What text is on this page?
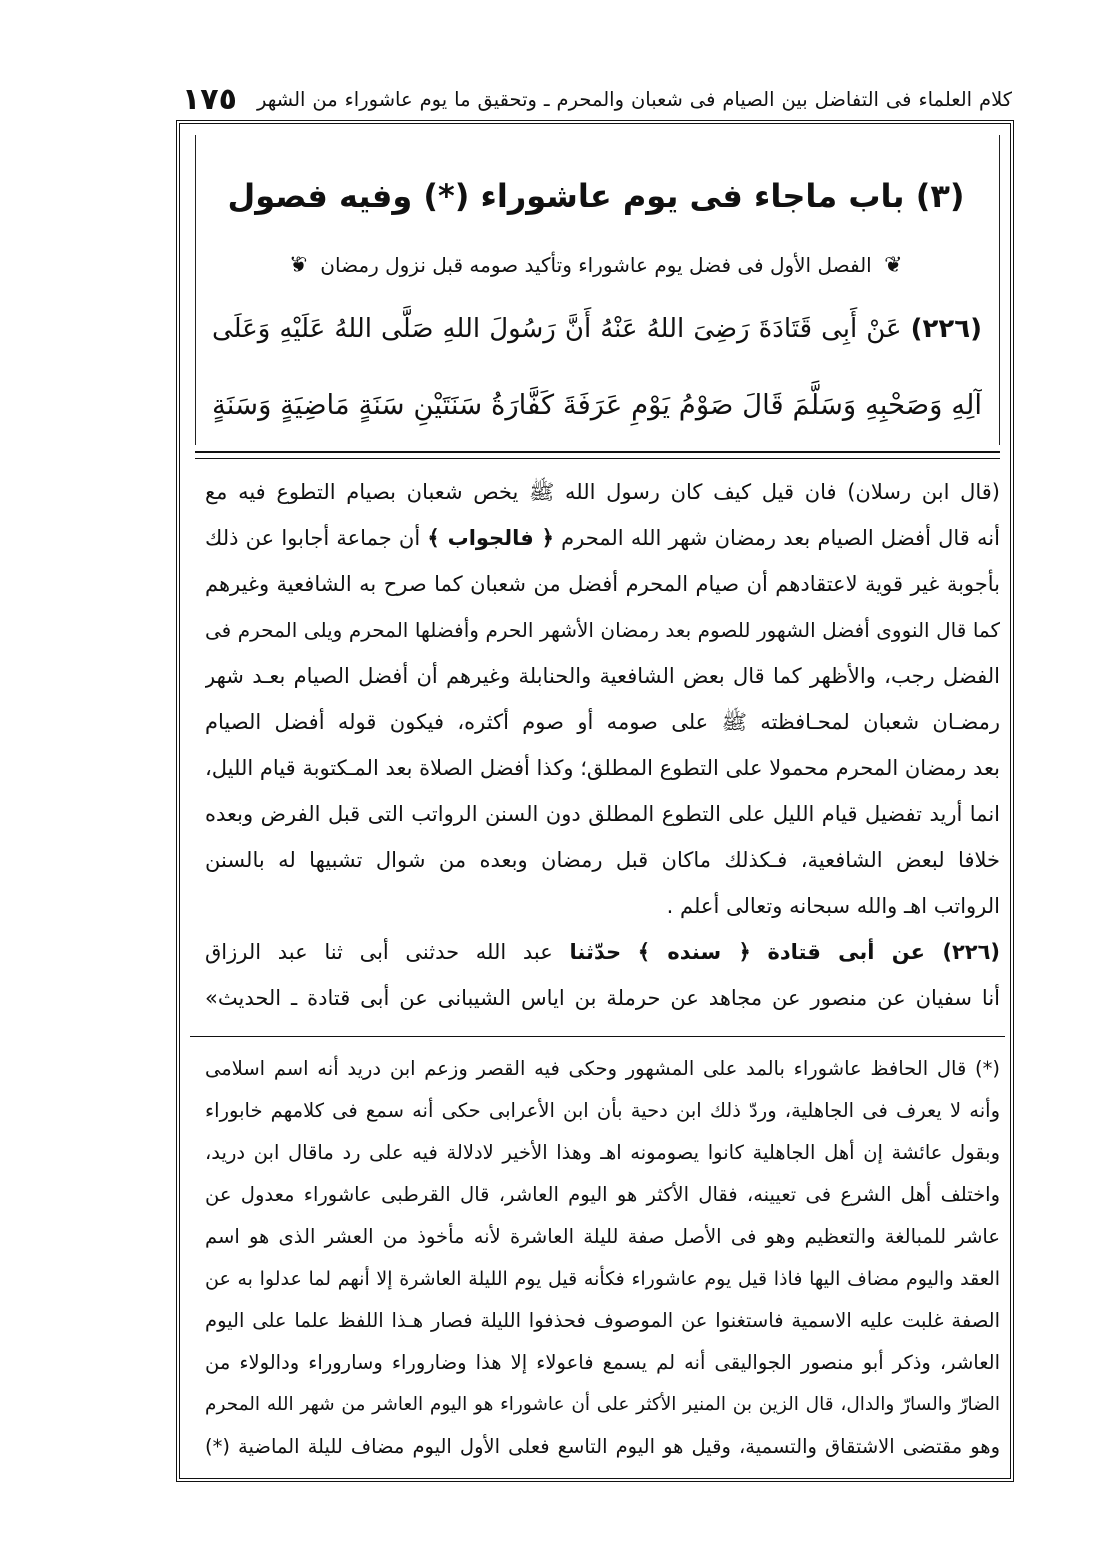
كلام العلماء فى التفاضل بين الصيام فى شعبان والمحرم ـ وتحقيق ما يوم عاشوراء من الشهر
١٧٥
(٣) باب ماجاء فى يوم عاشوراء (*) وفيه فصول
❦ الفصل الأول فى فضل يوم عاشوراء وتأكيد صومه قبل نزول رمضان ❦
(٢٢٦) عَنْ أَبِى قَتَادَةَ رَضِىَ اللهُ عَنْهُ أَنَّ رَسُولَ اللهِ صَلَّى اللهُ عَلَيْهِ وَعَلَى
آلِهِ وَصَحْبِهِ وَسَلَّمَ قَالَ صَوْمُ يَوْمِ عَرَفَةَ كَفَّارَةُ سَنَتَيْنِ سَنَةٍ مَاضِيَةٍ وَسَنَةٍ
(قال ابن رسلان) فان قيل كيف كان رسول الله ﷺ يخص شعبان بصيام التطوع فيه مع
أنه قال أفضل الصيام بعد رمضان شهر الله المحرم ﴿ فالجواب ﴾ أن جماعة أجابوا عن ذلك
بأجوبة غير قوية لاعتقادهم أن صيام المحرم أفضل من شعبان كما صرح به الشافعية وغيرهم
كما قال النووى أفضل الشهور للصوم بعد رمضان الأشهر الحرم وأفضلها المحرم ويلى المحرم فى
الفضل رجب، والأظهر كما قال بعض الشافعية والحنابلة وغيرهم أن أفضل الصيام بعـد شهر
رمضـان شعبان لمحـافظته ﷺ على صومه أو صوم أكثره، فيكون قوله أفضل الصيام
بعد رمضان المحرم محمولا على التطوع المطلق؛ وكذا أفضل الصلاة بعد المـكتوبة قيام الليل،
انما أريد تفضيل قيام الليل على التطوع المطلق دون السنن الرواتب التى قبل الفرض وبعده
خلافا لبعض الشافعية، فـكذلك ماكان قبل رمضان وبعده من شوال تشبيها له بالسنن
الرواتب اهـ والله سبحانه وتعالى أعلم .
(٢٢٦) عن أبى قتادة ﴿ سنده ﴾ حدّثنا عبد الله حدثنى أبى ثنا عبد الرزاق
أنا سفيان عن منصور عن مجاهد عن حرملة بن اياس الشيبانى عن أبى قتادة ـ الحديث»
(*) قال الحافظ عاشوراء بالمد على المشهور وحكى فيه القصر وزعم ابن دريد أنه اسم اسلامى
وأنه لا يعرف فى الجاهلية، وردّ ذلك ابن دحية بأن ابن الأعرابى حكى أنه سمع فى كلامهم خابوراء
وبقول عائشة إن أهل الجاهلية كانوا يصومونه اهـ وهذا الأخير لادلالة فيه على رد ماقال ابن دريد،
واختلف أهل الشرع فى تعيينه، فقال الأكثر هو اليوم العاشر، قال القرطبى عاشوراء معدول عن
عاشر للمبالغة والتعظيم وهو فى الأصل صفة لليلة العاشرة لأنه مأخوذ من العشر الذى هو اسم
العقد واليوم مضاف اليها فاذا قيل يوم عاشوراء فكأنه قيل يوم الليلة العاشرة إلا أنهم لما عدلوا به عن
الصفة غلبت عليه الاسمية فاستغنوا عن الموصوف فحذفوا الليلة فصار هـذا اللفظ علما على اليوم
العاشر، وذكر أبو منصور الجواليقى أنه لم يسمع فاعولاء إلا هذا وضاروراء وساروراء ودالولاء من
الضارّ والسارّ والدال، قال الزين بن المنير الأكثر على أن عاشوراء هو اليوم العاشر من شهر الله المحرم
وهو مقتضى الاشتقاق والتسمية، وقيل هو اليوم التاسع فعلى الأول اليوم مضاف لليلة الماضية (*)
